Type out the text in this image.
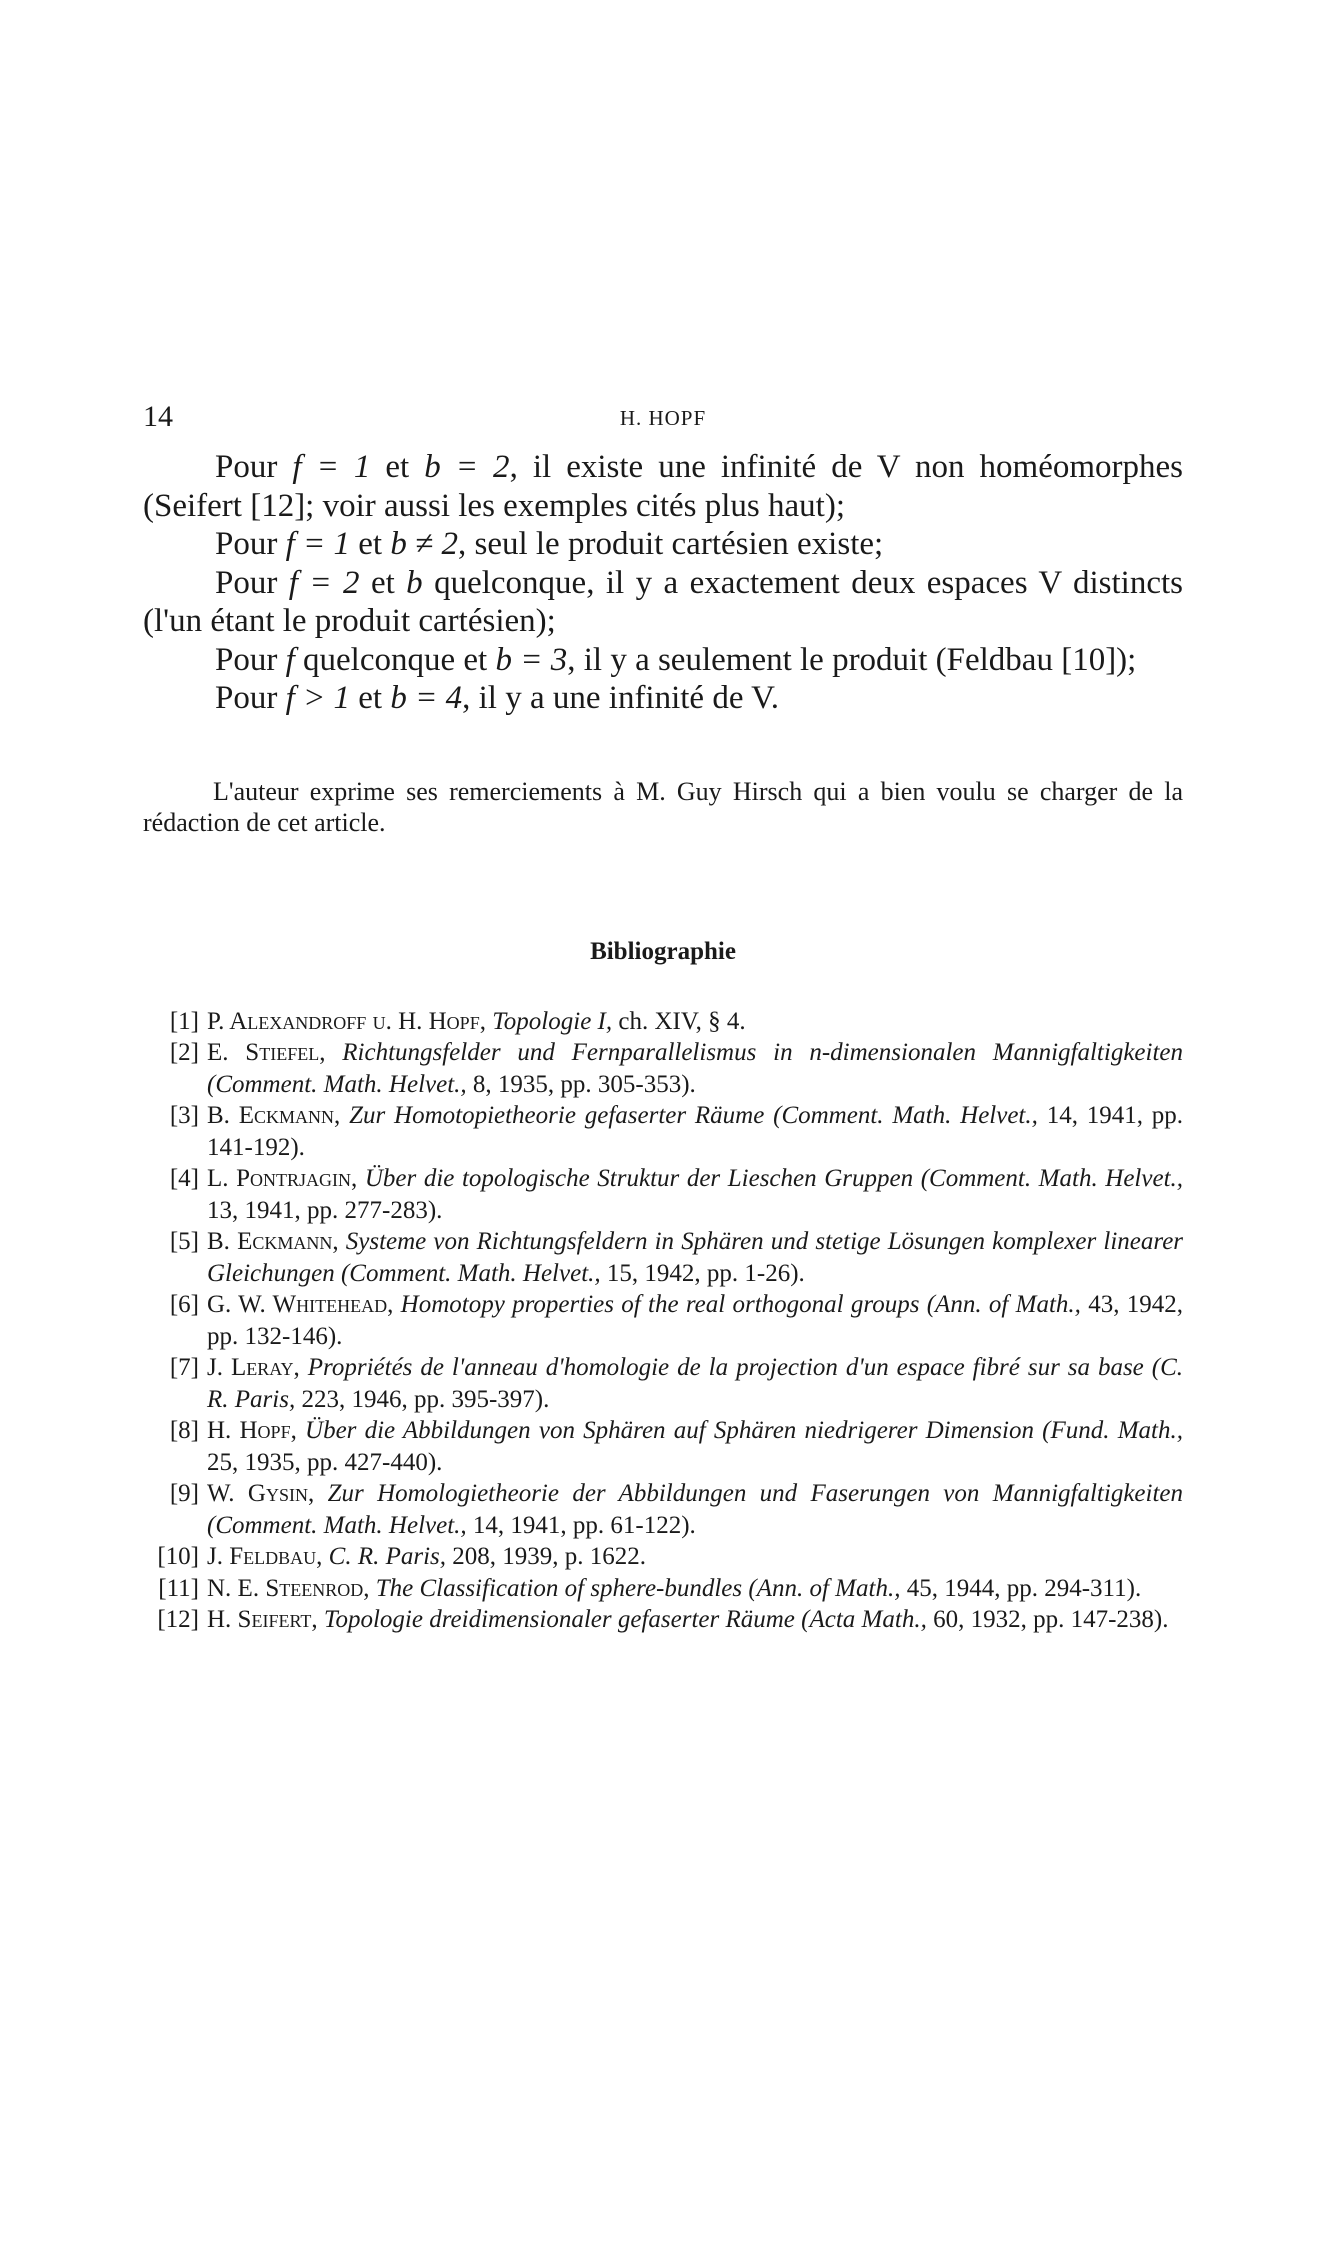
14	H. HOPF

Pour f = 1 et b = 2, il existe une infinité de V non homéomorphes (Seifert [12]; voir aussi les exemples cités plus haut);

Pour f = 1 et b ≠ 2, seul le produit cartésien existe;

Pour f = 2 et b quelconque, il y a exactement deux espaces V distincts (l'un étant le produit cartésien);

Pour f quelconque et b = 3, il y a seulement le produit (Feldbau [10]);

Pour f > 1 et b = 4, il y a une infinité de V.

L'auteur exprime ses remerciements à M. Guy Hirsch qui a bien voulu se charger de la rédaction de cet article.

Bibliographie
[1] P. Alexandroff u. H. Hopf, Topologie I, ch. XIV, § 4.
[2] E. Stiefel, Richtungsfelder und Fernparallelismus in n-dimensionalen Mannigfaltigkeiten (Comment. Math. Helvet., 8, 1935, pp. 305-353).
[3] B. Eckmann, Zur Homotopietheorie gefaserter Räume (Comment. Math. Helvet., 14, 1941, pp. 141-192).
[4] L. Pontrjagin, Über die topologische Struktur der Lieschen Gruppen (Comment. Math. Helvet., 13, 1941, pp. 277-283).
[5] B. Eckmann, Systeme von Richtungsfeldern in Sphären und stetige Lösungen komplexer linearer Gleichungen (Comment. Math. Helvet., 15, 1942, pp. 1-26).
[6] G. W. Whitehead, Homotopy properties of the real orthogonal groups (Ann. of Math., 43, 1942, pp. 132-146).
[7] J. Leray, Propriétés de l'anneau d'homologie de la projection d'un espace fibré sur sa base (C. R. Paris, 223, 1946, pp. 395-397).
[8] H. Hopf, Über die Abbildungen von Sphären auf Sphären niedrigerer Dimension (Fund. Math., 25, 1935, pp. 427-440).
[9] W. Gysin, Zur Homologietheorie der Abbildungen und Faserungen von Mannigfaltigkeiten (Comment. Math. Helvet., 14, 1941, pp. 61-122).
[10] J. Feldbau, C. R. Paris, 208, 1939, p. 1622.
[11] N. E. Steenrod, The Classification of sphere-bundles (Ann. of Math., 45, 1944, pp. 294-311).
[12] H. Seifert, Topologie dreidimensionaler gefaserter Räume (Acta Math., 60, 1932, pp. 147-238).
